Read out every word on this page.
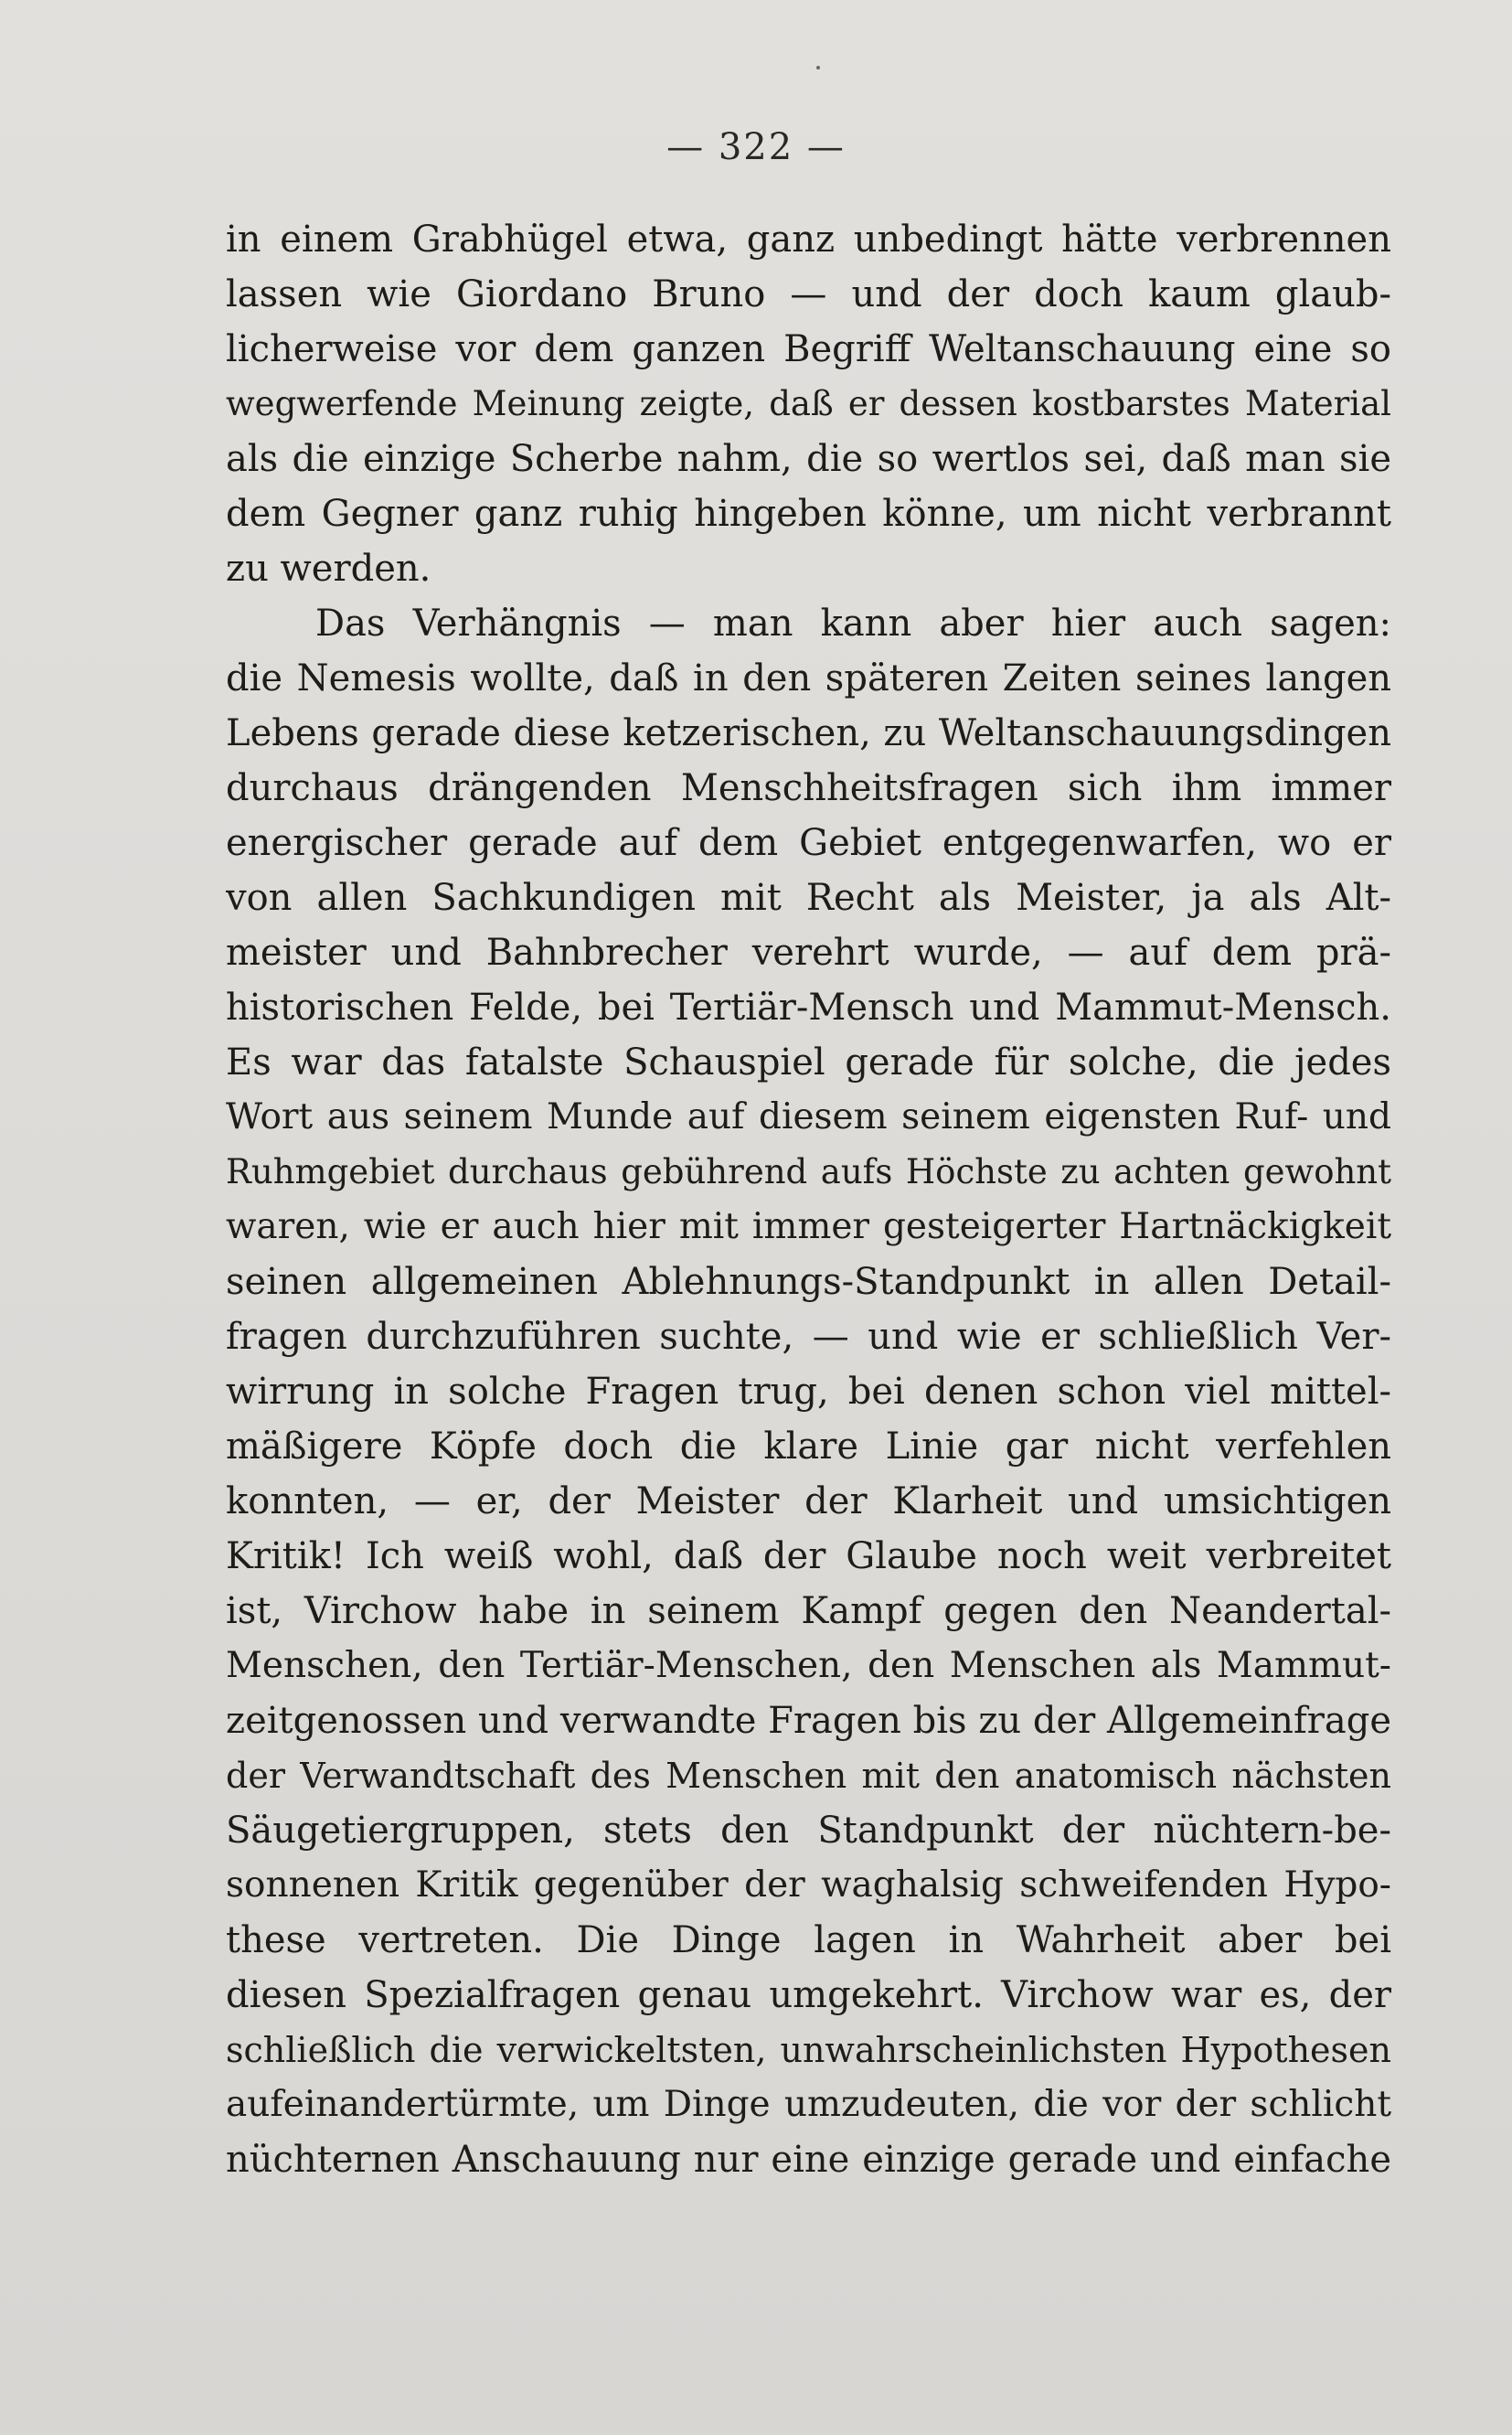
— 322 —
in einem Grabhügel etwa, ganz unbedingt hätte verbrennen
lassen wie Giordano Bruno — und der doch kaum glaub-
licherweise vor dem ganzen Begriff Weltanschauung eine so
wegwerfende Meinung zeigte, daß er dessen kostbarstes Material
als die einzige Scherbe nahm, die so wertlos sei, daß man sie
dem Gegner ganz ruhig hingeben könne, um nicht verbrannt
zu werden.
Das Verhängnis — man kann aber hier auch sagen:
die Nemesis wollte, daß in den späteren Zeiten seines langen
Lebens gerade diese ketzerischen, zu Weltanschauungsdingen
durchaus drängenden Menschheitsfragen sich ihm immer
energischer gerade auf dem Gebiet entgegenwarfen, wo er
von allen Sachkundigen mit Recht als Meister, ja als Alt-
meister und Bahnbrecher verehrt wurde, — auf dem prä-
historischen Felde, bei Tertiär-Mensch und Mammut-Mensch.
Es war das fatalste Schauspiel gerade für solche, die jedes
Wort aus seinem Munde auf diesem seinem eigensten Ruf- und
Ruhmgebiet durchaus gebührend aufs Höchste zu achten gewohnt
waren, wie er auch hier mit immer gesteigerter Hartnäckigkeit
seinen allgemeinen Ablehnungs-Standpunkt in allen Detail-
fragen durchzuführen suchte, — und wie er schließlich Ver-
wirrung in solche Fragen trug, bei denen schon viel mittel-
mäßigere Köpfe doch die klare Linie gar nicht verfehlen
konnten, — er, der Meister der Klarheit und umsichtigen
Kritik! Ich weiß wohl, daß der Glaube noch weit verbreitet
ist, Virchow habe in seinem Kampf gegen den Neandertal-
Menschen, den Tertiär-Menschen, den Menschen als Mammut-
zeitgenossen und verwandte Fragen bis zu der Allgemeinfrage
der Verwandtschaft des Menschen mit den anatomisch nächsten
Säugetiergruppen, stets den Standpunkt der nüchtern-be-
sonnenen Kritik gegenüber der waghalsig schweifenden Hypo-
these vertreten. Die Dinge lagen in Wahrheit aber bei
diesen Spezialfragen genau umgekehrt. Virchow war es, der
schließlich die verwickeltsten, unwahrscheinlichsten Hypothesen
aufeinandertürmte, um Dinge umzudeuten, die vor der schlicht
nüchternen Anschauung nur eine einzige gerade und einfache
